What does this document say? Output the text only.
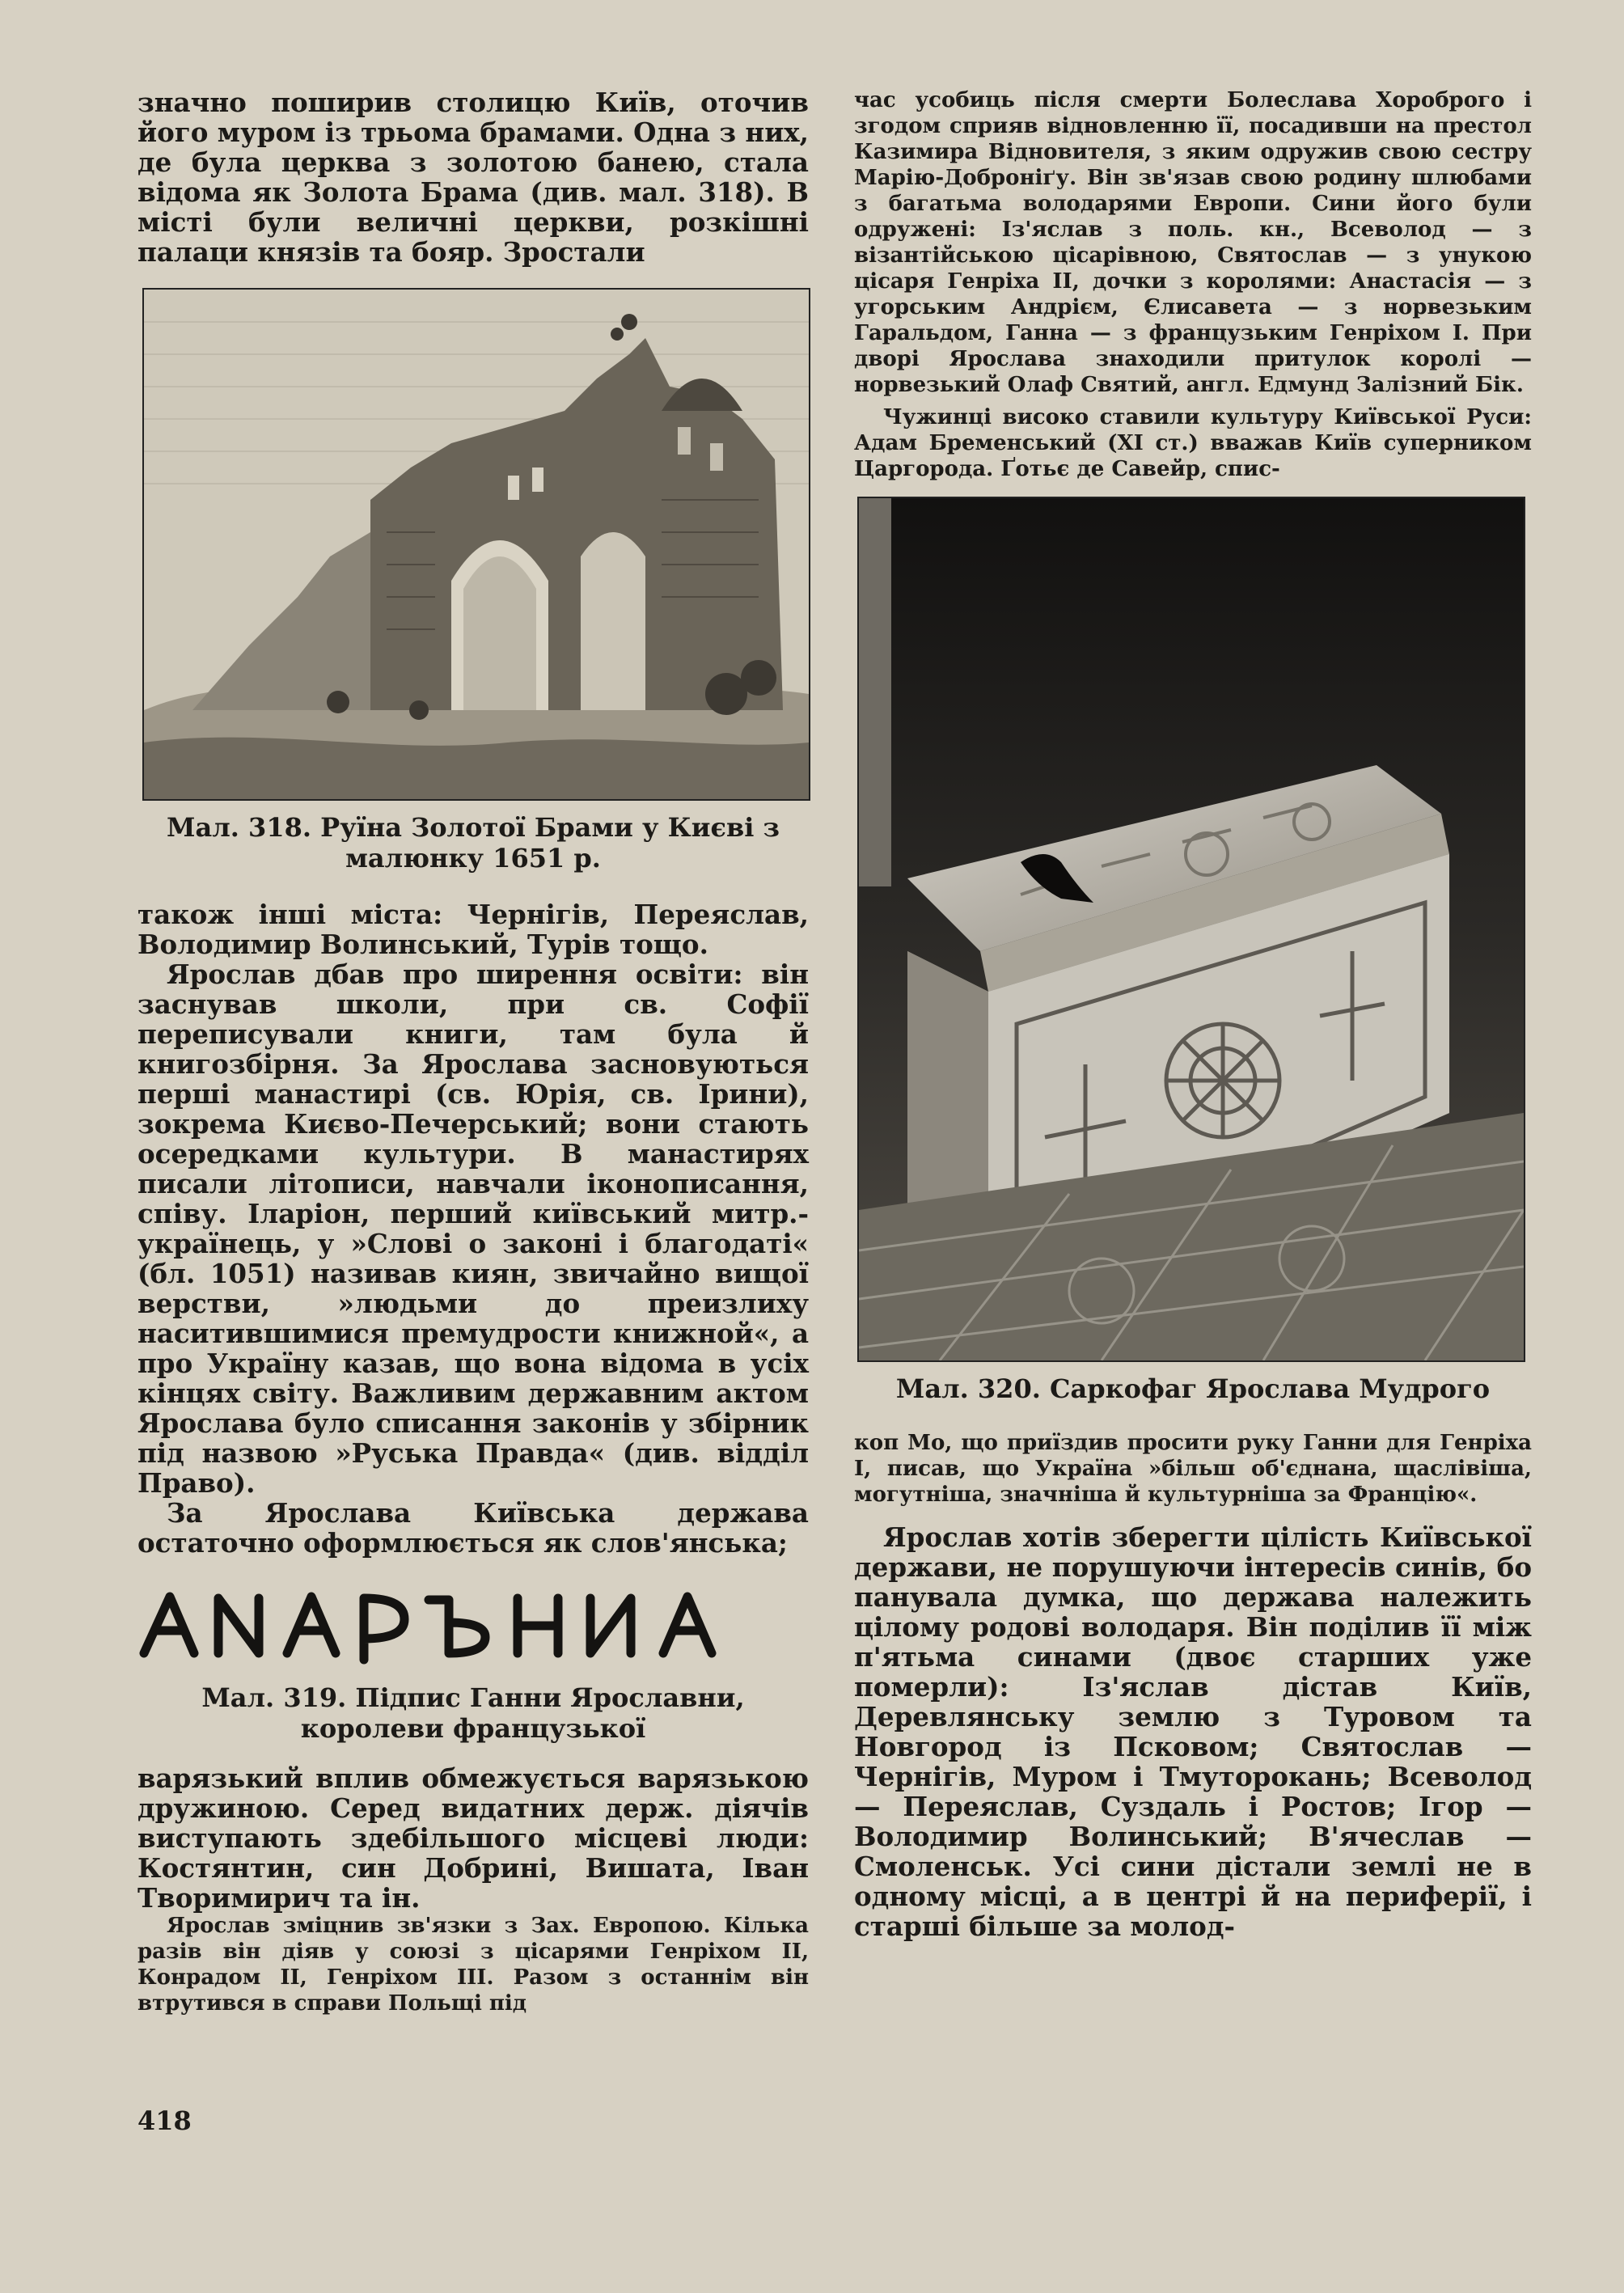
значно поширив столицю Київ, оточив його муром із трьома брамами. Одна з них, де була церква з золотою банею, стала відома як Золота Брама (див. мал. 318). В місті були величні церкви, розкішні палаци князів та бояр. Зростали

Мал. 318. Руїна Золотої Брами у Києві з малюнку 1651 р.

також інші міста: Чернігів, Переяслав, Володимир Волинський, Турів тощо.

Ярослав дбав про ширення освіти: він заснував школи, при св. Софії переписували книги, там була й книгозбірня. За Ярослава засновуються перші манастирі (св. Юрія, св. Ірини), зокрема Києво-Печерський; вони стають осередками культури. В манастирях писали літописи, навчали іконописання, співу. Іларіон, перший київський митр.-українець, у »Слові о законі і благодаті« (бл. 1051) називав киян, звичайно вищої верстви, »людьми до преизлиху наситившимися премудрости книжной«, а про Україну казав, що вона відома в усіх кінцях світу. Важливим державним актом Ярослава було списання законів у збірник під назвою »Руська Правда« (див. відділ Право).

За Ярослава Київська держава остаточно оформлюється як слов'янська;

Мал. 319. Підпис Ганни Ярославни, королеви французької

варязький вплив обмежується варязькою дружиною. Серед видатних держ. діячів виступають здебільшого місцеві люди: Костянтин, син Добрині, Вишата, Іван Творимирич та ін.

Ярослав зміцнив зв'язки з Зах. Европою. Кілька разів він діяв у союзі з цісарями Генріхом II, Конрадом II, Генріхом III. Разом з останнім він втрутився в справи Польщі під

час усобиць після смерти Болеслава Хороброго і згодом сприяв відновленню її, посадивши на престол Казимира Відновителя, з яким одружив свою сестру Марію-Доброніґу. Він зв'язав свою родину шлюбами з багатьма володарями Европи. Сини його були одружені: Із'яслав з поль. кн., Всеволод — з візантійською цісарівною, Святослав — з унукою цісаря Генріха II, дочки з королями: Анастасія — з угорським Андрієм, Єлисавета — з норвезьким Гаральдом, Ганна — з французьким Генріхом I. При дворі Ярослава знаходили притулок королі — норвезький Олаф Святий, англ. Едмунд Залізний Бік.

Чужинці високо ставили культуру Київської Руси: Адам Бременський (XI ст.) вважав Київ суперником Царгорода. Ґотьє де Савейр, спис-

Мал. 320. Саркофаг Ярослава Мудрого

коп Мо, що приїздив просити руку Ганни для Генріха I, писав, що Україна »більш об'єднана, щаслівіша, могутніша, значніша й культурніша за Францію«.

Ярослав хотів зберегти цілість Київської держави, не порушуючи інтересів синів, бо панувала думка, що держава належить цілому родові володаря. Він поділив її між п'ятьма синами (двоє старших уже померли): Із'яслав дістав Київ, Деревлянську землю з Туровом та Новгород із Псковом; Святослав — Чернігів, Муром і Тмуторокань; Всеволод — Переяслав, Суздаль і Ростов; Ігор — Володимир Волинський; В'ячеслав — Смоленськ. Усі сини дістали землі не в одному місці, а в центрі й на периферії, і старші більше за молод-

418
